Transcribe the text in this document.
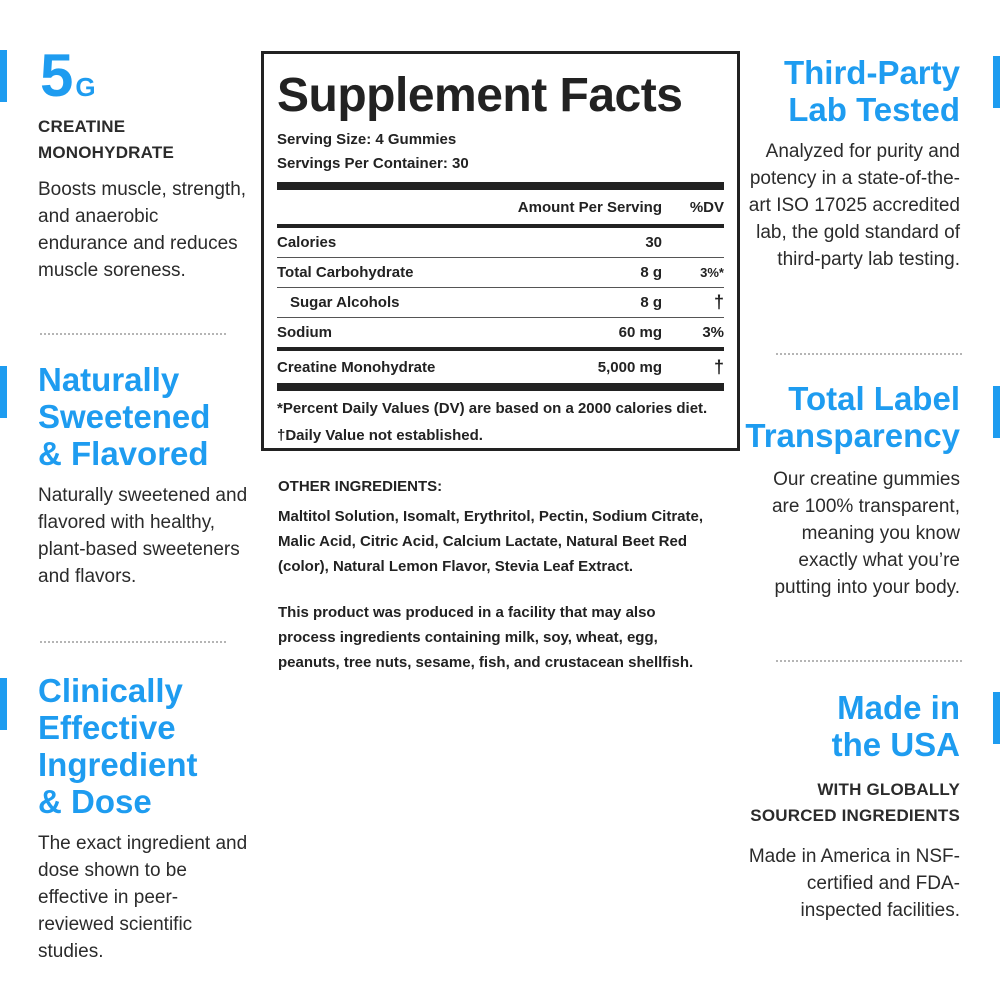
5G
CREATINE
MONOHYDRATE
Boosts muscle, strength, and anaerobic endurance and reduces muscle soreness.
Naturally
Sweetened
& Flavored
Naturally sweetened and flavored with healthy, plant-based sweeteners and flavors.
Clinically
Effective
Ingredient
& Dose
The exact ingredient and dose shown to be effective in peer-reviewed scientific studies.
Supplement Facts
Serving Size: 4 Gummies
Servings Per Container: 30
Amount Per Serving	%DV
Calories	30
Total Carbohydrate	8 g	3%*
Sugar Alcohols	8 g	†
Sodium	60 mg	3%
Creatine Monohydrate	5,000 mg	†
*Percent Daily Values (DV) are based on a 2000 calories diet.
†Daily Value not established.
OTHER INGREDIENTS:
Maltitol Solution, Isomalt, Erythritol, Pectin, Sodium Citrate, Malic Acid, Citric Acid, Calcium Lactate, Natural Beet Red (color), Natural Lemon Flavor, Stevia Leaf Extract.
This product was produced in a facility that may also process ingredients containing milk, soy, wheat, egg, peanuts, tree nuts, sesame, fish, and crustacean shellfish.
Third-Party
Lab Tested
Analyzed for purity and potency in a state-of-the-art ISO 17025 accredited lab, the gold standard of third-party lab testing.
Total Label
Transparency
Our creatine gummies are 100% transparent, meaning you know exactly what you’re putting into your body.
Made in
the USA
WITH GLOBALLY
SOURCED INGREDIENTS
Made in America in NSF-certified and FDA-inspected facilities.
